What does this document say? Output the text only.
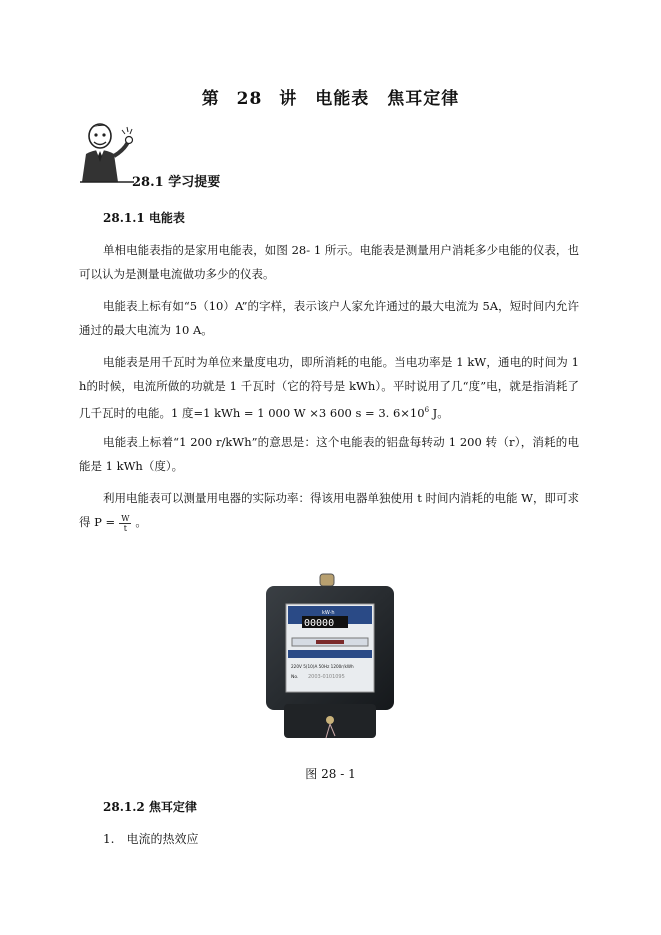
第 28 讲　电能表　焦耳定律
28.1 学习提要
28.1.1 电能表
单相电能表指的是家用电能表，如图 28- 1 所示。电能表是测量用户消耗多少电能的仪表，也可以认为是测量电流做功多少的仪表。
电能表上标有如“5（10）A”的字样，表示该户人家允许通过的最大电流为 5A，短时间内允许通过的最大电流为 10 A。
电能表是用千瓦时为单位来量度电功，即所消耗的电能。当电功率是 1 kW，通电的时间为 1 h的时候，电流所做的功就是 1 千瓦时（它的符号是 kWh）。平时说用了几“度”电，就是指消耗了几千瓦时的电能。1 度=1 kWh = 1 000 W ×3 600 s = 3. $6\times 10^6$ J。
电能表上标着“1 200 r/kWh”的意思是：这个电能表的铝盘每转动 1 200 转（r），消耗的电能是 1 kWh（度）。
利用电能表可以测量用电器的实际功率：得该用电器单独使用 t 时间内消耗的电能 W，即可求得 $P = \frac{W}{t}$ 。
kW·h
00000
220V 5(10)A 50Hz 1200r/kWh
No. 2003-0101095
图 28 - 1
28.1.2 焦耳定律
1.　电流的热效应
